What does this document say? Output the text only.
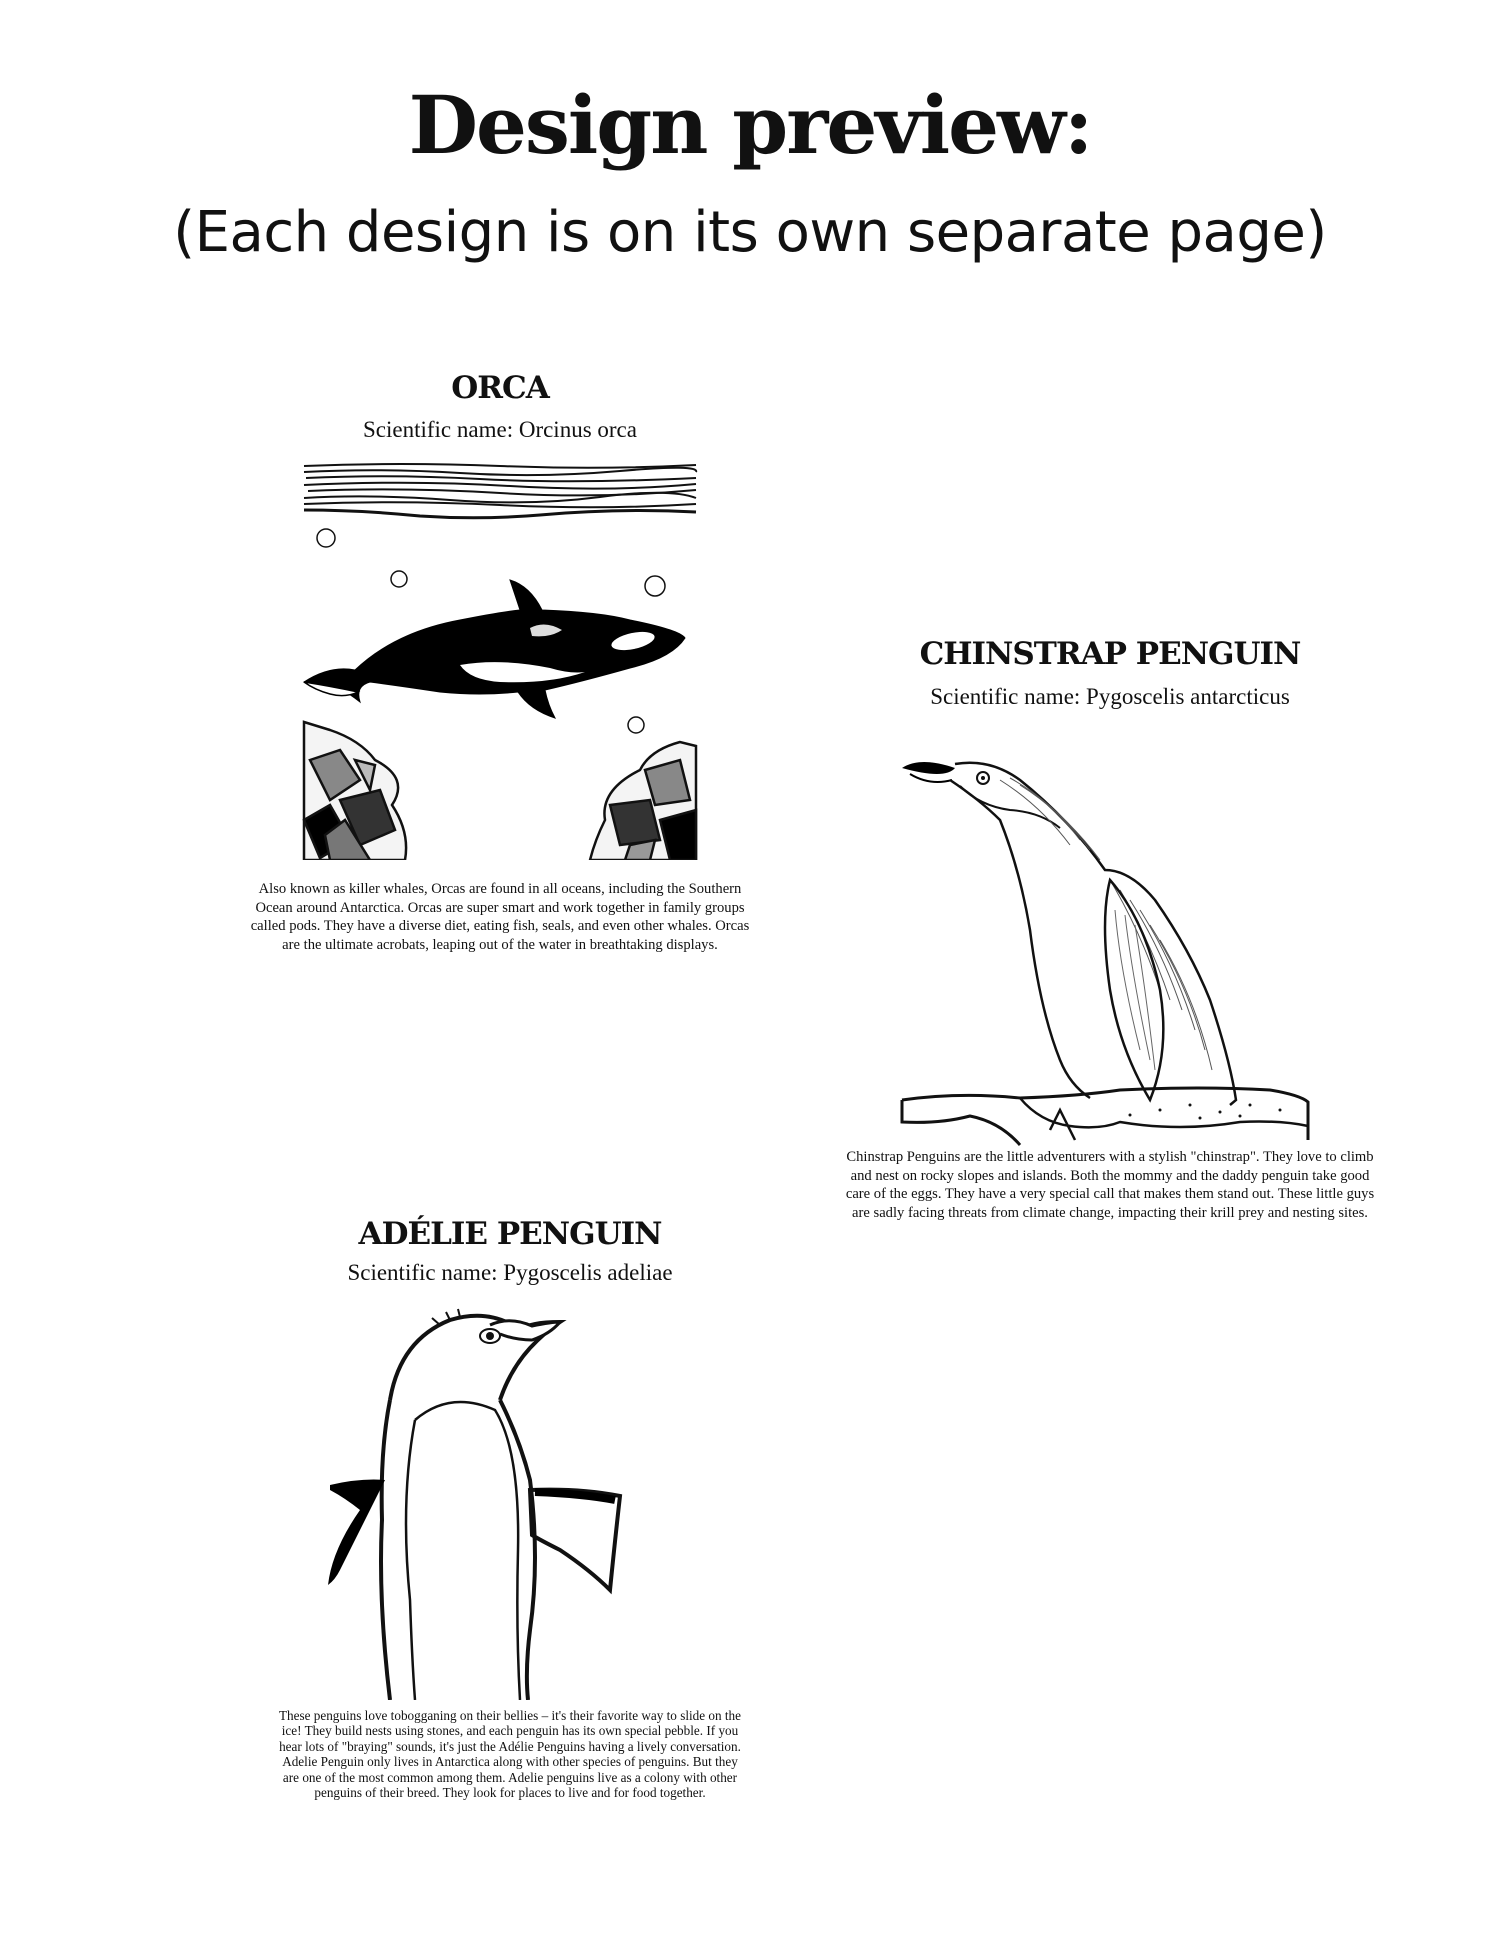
Design preview:
(Each design is on its own separate page)
ORCA

Scientific name: Orcinus orca

Also known as killer whales, Orcas are found in all oceans, including the Southern Ocean around Antarctica. Orcas are super smart and work together in family groups called pods. They have a diverse diet, eating fish, seals, and even other whales. Orcas are the ultimate acrobats, leaping out of the water in breathtaking displays.

CHINSTRAP PENGUIN

Scientific name: Pygoscelis antarcticus

Chinstrap Penguins are the little adventurers with a stylish "chinstrap". They love to climb and nest on rocky slopes and islands. Both the mommy and the daddy penguin take good care of the eggs. They have a very special call that makes them stand out. These little guys are sadly facing threats from climate change, impacting their krill prey and nesting sites.

ADÉLIE PENGUIN

Scientific name: Pygoscelis adeliae

These penguins love tobogganing on their bellies – it's their favorite way to slide on the ice! They build nests using stones, and each penguin has its own special pebble. If you hear lots of "braying" sounds, it's just the Adélie Penguins having a lively conversation. Adelie Penguin only lives in Antarctica along with other species of penguins. But they are one of the most common among them. Adelie penguins live as a colony with other penguins of their breed. They look for places to live and for food together.
